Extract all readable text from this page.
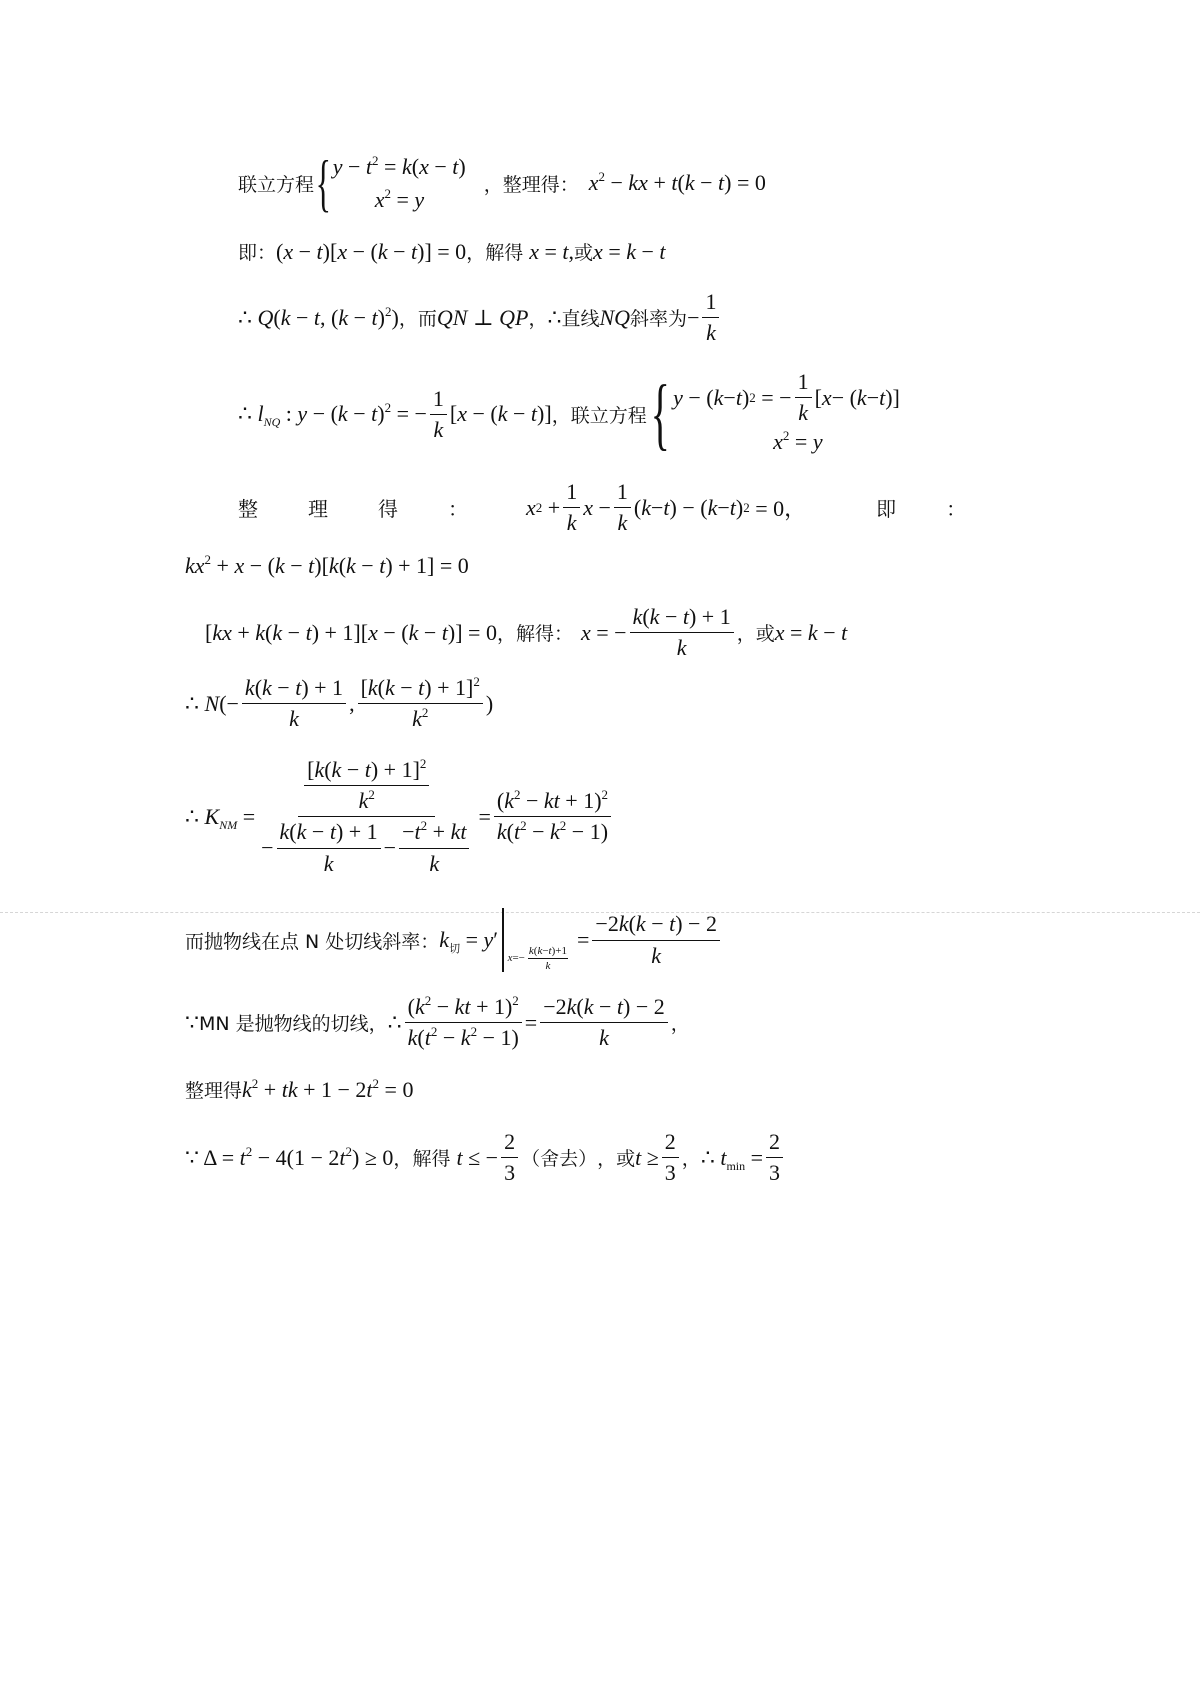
联立方程 { $y - t^2 = k(x - t)$
$x^2 = y$
， 整理得： $x^2$ − kx + t(k − t) = 0
即： (x − t)[x − (k − t)] = 0 ， 解得 x = t, 或 x = k − t
∴ Q(k − t, $(k - t)^2$) ， 而 QN ⊥ QP ， ∴ 直线 NQ 斜率为 − $\frac{1}{k}$
∴ $l_{NQ}$ : $y - (k - t)^2$ = − $\frac{1}{k} [x - (k - t)]$ ， 联立方程 { y − ( k − t ) 2 = − $\frac{1}{k}$ [ x − ( k − t )]
$x^2 = y$
整	理	得	：	x $2 + \frac{1}{k}$ $x - \frac{1}{k}$ ( k − t ) − ( k − t ) 2 = 0，	即	：
$kx^2 + x - (k - t)[k(k - t) + 1] = 0$
[kx + k(k − t) + 1][x − (k − t)] = 0 ， 解得： x = − $\frac{k(k - t) + 1}{k}$ ，或 x = k − t
∴ $N(- \frac{k(k - t) + 1}{k}$ , $\frac{[k(k - t) + 1]^2}{k^2}$ )
∴ $K_{NM} = \frac{\frac{[k(k - t) + 1]^2}{k^2}}{- \frac{k(k - t) + 1}{k} - \frac{-t^2 + kt}{k}} = \frac{(k^2 - kt + 1)^2}{k(t^2 - k^2 - 1)}$
而抛物线在点 N 处切线斜率： $k_切 = y'$
$x =- \frac{k(k-t)+1}{k}$
= $\frac{-2k(k - t) - 2}{k}$
∵ MN 是抛物线的切线， ∴ $\frac{(k^2 - kt + 1)^2}{k(t^2 - k^2 - 1)} = \frac{-2k(k - t) - 2}{k}$ ，
整理得 $k^2$ + tk + $1 - 2t^2 = 0$
∵ $\Delta = t^2 - 4(1 - 2t^2) \ge 0$ ， 解得 t ≤ − $\frac{2}{3}$ （舍去） ，或 $t \ge \frac{2}{3}$ ， ∴ $t_{min} = \frac{2}{3}$
